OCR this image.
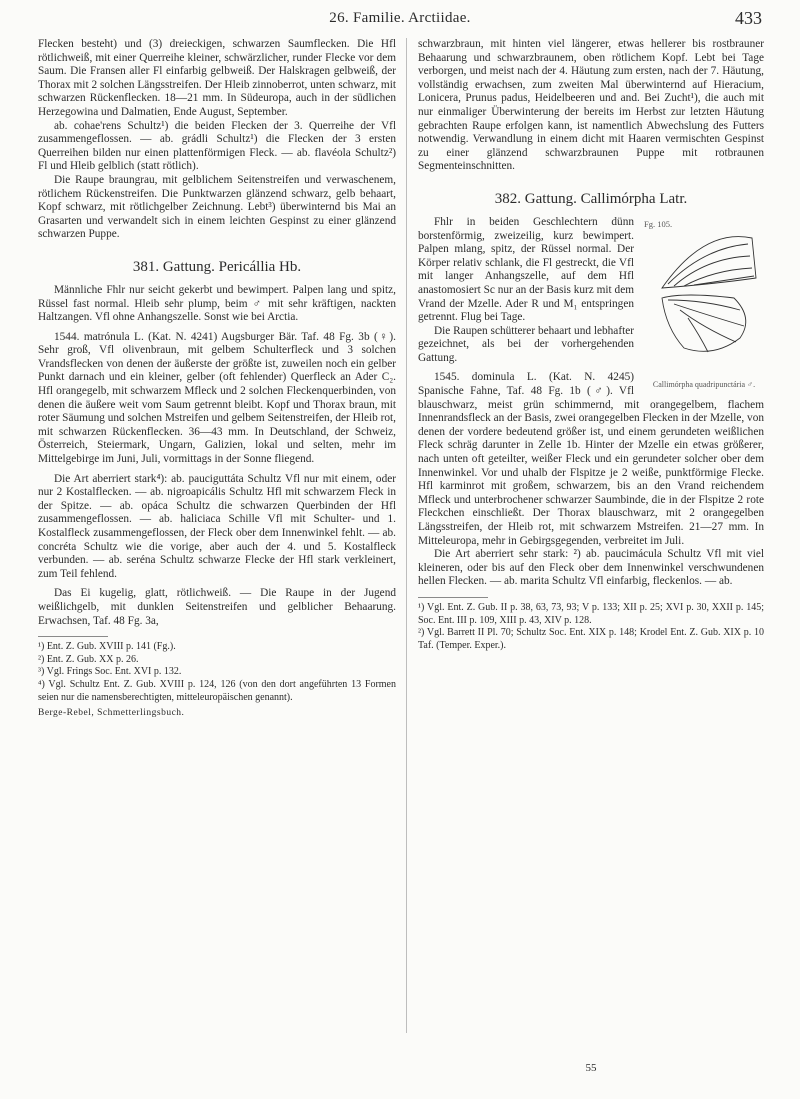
26. Familie. Arctiidae.	433

Flecken besteht) und (3) dreieckigen, schwarzen Saumflecken. Die Hfl rötlichweiß, mit einer Querreihe kleiner, schwärzlicher, runder Flecke vor dem Saum. Die Fransen aller Fl einfarbig gelbweiß. Der Halskragen gelbweiß, der Thorax mit 2 solchen Längsstreifen. Der Hleib zinnoberrot, unten schwarz, mit schwarzen Rückenflecken. 18—21 mm. In Südeuropa, auch in der südlichen Herzegowina und Dalmatien, Ende August, September.

ab. cohae'rens Schultz¹) die beiden Flecken der 3. Querreihe der Vfl zusammengeflossen. — ab. grádli Schultz¹) die Flecken der 3 ersten Querreihen bilden nur einen plattenförmigen Fleck. — ab. flavéola Schultz²) Fl und Hleib gelblich (statt rötlich).

Die Raupe braungrau, mit gelblichem Seitenstreifen und verwaschenem, rötlichem Rückenstreifen. Die Punktwarzen glänzend schwarz, gelb behaart, Kopf schwarz, mit rötlichgelber Zeichnung. Lebt³) überwinternd bis Mai an Grasarten und verwandelt sich in einem leichten Gespinst zu einer glänzend schwarzen Puppe.

381. Gattung. Pericállia Hb.

Männliche Fhlr nur seicht gekerbt und bewimpert. Palpen lang und spitz, Rüssel fast normal. Hleib sehr plump, beim ♂ mit sehr kräftigen, nackten Haltzangen. Vfl ohne Anhangszelle. Sonst wie bei Arctia.

1544. matrónula L. (Kat. N. 4241) Augsburger Bär. Taf. 48 Fg. 3b (♀). Sehr groß, Vfl olivenbraun, mit gelbem Schulterfleck und 3 solchen Vrandsflecken von denen der äußerste der größte ist, zuweilen noch ein gelber Punkt darnach und ein kleiner, gelber (oft fehlender) Querfleck an Ader C₂. Hfl orangegelb, mit schwarzem Mfleck und 2 solchen Fleckenquerbinden, von denen die äußere weit vom Saum getrennt bleibt. Kopf und Thorax braun, mit roter Säumung und solchen Mstreifen und gelbem Seitenstreifen, der Hleib rot, mit schwarzen Rückenflecken. 36—43 mm. In Deutschland, der Schweiz, Österreich, Steiermark, Ungarn, Galizien, lokal und selten, mehr im Mittelgebirge im Juni, Juli, vormittags in der Sonne fliegend.

Die Art aberriert stark⁴): ab. pauciguttáta Schultz Vfl nur mit einem, oder nur 2 Kostalflecken. — ab. nigroapicális Schultz Hfl mit schwarzem Fleck in der Spitze. — ab. opáca Schultz die schwarzen Querbinden der Hfl zusammengeflossen. — ab. haliciaca Schille Vfl mit Schulter- und 1. Kostalfleck zusammengeflossen, der Fleck ober dem Innenwinkel fehlt. — ab. concréta Schultz wie die vorige, aber auch der 4. und 5. Kostalfleck verbunden. — ab. seréna Schultz schwarze Flecke der Hfl stark verkleinert, zum Teil fehlend.

Das Ei kugelig, glatt, rötlichweiß. — Die Raupe in der Jugend weißlichgelb, mit dunklen Seitenstreifen und gelblicher Behaarung. Erwachsen, Taf. 48 Fg. 3a,

¹) Ent. Z. Gub. XVIII p. 141 (Fg.).

²) Ent. Z. Gub. XX p. 26.

³) Vgl. Frings Soc. Ent. XVI p. 132.

⁴) Vgl. Schultz Ent. Z. Gub. XVIII p. 124, 126 (von den dort angeführten 13 Formen seien nur die namensberechtigten, mitteleuropäischen genannt).

Berge-Rebel, Schmetterlingsbuch.

schwarzbraun, mit hinten viel längerer, etwas hellerer bis rostbrauner Behaarung und schwarzbraunem, oben rötlichem Kopf. Lebt bei Tage verborgen, und meist nach der 4. Häutung zum ersten, nach der 7. Häutung, vollständig erwachsen, zum zweiten Mal überwinternd auf Hieracium, Lonicera, Prunus padus, Heidelbeeren und and. Bei Zucht¹), die auch mit nur einmaliger Überwinterung der bereits im Herbst zur letzten Häutung gebrachten Raupe erfolgen kann, ist namentlich Abwechslung des Futters notwendig. Verwandlung in einem dicht mit Haaren vermischten Gespinst zu einer glänzend schwarzbraunen Puppe mit rotbraunen Segmenteinschnitten.

382. Gattung. Callimórpha Latr.
Fg. 105.
Callimórpha quadripunctária ♂.

Fhlr in beiden Geschlechtern dünn borstenförmig, zweizeilig, kurz bewimpert. Palpen mlang, spitz, der Rüssel normal. Der Körper relativ schlank, die Fl gestreckt, die Vfl mit langer Anhangszelle, auf dem Hfl anastomosiert Sc nur an der Basis kurz mit dem Vrand der Mzelle. Ader R und M₁ entspringen getrennt. Flug bei Tage.

Die Raupen schütterer behaart und lebhafter gezeichnet, als bei der vorhergehenden Gattung.

1545. dominula L. (Kat. N. 4245) Spanische Fahne, Taf. 48 Fg. 1b (♂). Vfl blauschwarz, meist grün schimmernd, mit orangegelbem, flachem Innenrandsfleck an der Basis, zwei orangegelben Flecken in der Mzelle, von denen der vordere bedeutend größer ist, und einem gerundeten weißlichen Fleck schräg darunter in Zelle 1b. Hinter der Mzelle ein etwas größerer, nach unten oft geteilter, weißer Fleck und ein gerundeter solcher ober dem Innenwinkel. Vor und uhalb der Flspitze je 2 weiße, punktförmige Flecke. Hfl karminrot mit großem, schwarzem, bis an den Vrand reichendem Mfleck und unterbrochener schwarzer Saumbinde, die in der Flspitze 2 rote Fleckchen einschließt. Der Thorax blauschwarz, mit 2 orangegelben Längsstreifen, der Hleib rot, mit schwarzem Mstreifen. 21—27 mm. In Mitteleuropa, mehr in Gebirgsgegenden, verbreitet im Juli.

Die Art aberriert sehr stark: ²) ab. paucimácula Schultz Vfl mit viel kleineren, oder bis auf den Fleck ober dem Innenwinkel verschwundenen hellen Flecken. — ab. marita Schultz Vfl einfarbig, fleckenlos. — ab.

¹) Vgl. Ent. Z. Gub. II p. 38, 63, 73, 93; V p. 133; XII p. 25; XVI p. 30, XXII p. 145; Soc. Ent. III p. 109, XIII p. 43, XIV p. 128.

²) Vgl. Barrett II Pl. 70; Schultz Soc. Ent. XIX p. 148; Krodel Ent. Z. Gub. XIX p. 10 Taf. (Temper. Exper.).

55
